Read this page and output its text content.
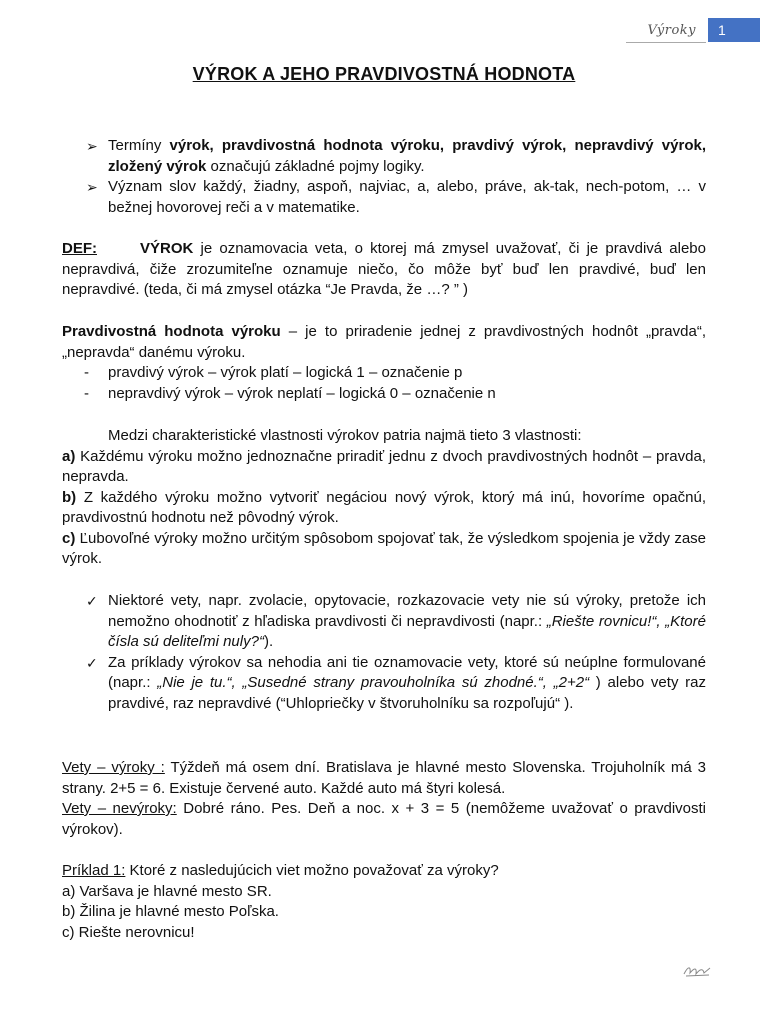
Výroky	1
VÝROK A JEHO PRAVDIVOSTNÁ HODNOTA
➢ Termíny výrok, pravdivostná hodnota výroku, pravdivý výrok, nepravdivý výrok, zložený výrok označujú základné pojmy logiky.
➢ Význam slov každý, žiadny, aspoň, najviac, a, alebo, práve, ak-tak, nech-potom, … v bežnej hovorovej reči a v matematike.
DEF:	VÝROK je oznamovacia veta, o ktorej má zmysel uvažovať, či je pravdivá alebo nepravdivá, čiže zrozumiteľne oznamuje niečo, čo môže byť buď len pravdivé, buď len nepravdivé. (teda, či má zmysel otázka “Je Pravda, že …? ” )
Pravdivostná hodnota výroku – je to priradenie jednej z pravdivostných hodnôt „pravda“, „nepravda“ danému výroku.
- pravdivý výrok – výrok platí – logická 1 – označenie p
- nepravdivý výrok – výrok neplatí – logická 0 – označenie n
Medzi charakteristické vlastnosti výrokov patria najmä tieto 3 vlastnosti:
a) Každému výroku možno jednoznačne priradiť jednu z dvoch pravdivostných hodnôt – pravda, nepravda.
b) Z každého výroku možno vytvoriť negáciou nový výrok, ktorý má inú, hovoríme opačnú, pravdivostnú hodnotu než pôvodný výrok.
c) Ľubovoľné výroky možno určitým spôsobom spojovať tak, že výsledkom spojenia je vždy zase výrok.
✓ Niektoré vety, napr. zvolacie, opytovacie, rozkazovacie vety nie sú výroky, pretože ich nemožno ohodnotiť z hľadiska pravdivosti či nepravdivosti (napr.: „Riešte rovnicu!“, „Ktoré čísla sú deliteľmi nuly?“).
✓ Za príklady výrokov sa nehodia ani tie oznamovacie vety, ktoré sú neúplne formulované (napr.: „Nie je tu.“, „Susedné strany pravouholníka sú zhodné.“, „2+2“ ) alebo vety raz pravdivé, raz nepravdivé (“Uhlopriečky v štvoruholníku sa rozpoľujú“ ).
Vety – výroky : Týždeň má osem dní. Bratislava je hlavné mesto Slovenska. Trojuholník má 3 strany. 2+5 = 6. Existuje červené auto. Každé auto má štyri kolesá.
Vety – nevýroky: Dobré ráno. Pes. Deň a noc. x + 3 = 5 (nemôžeme uvažovať o pravdivosti výrokov).
Príklad 1: Ktoré z nasledujúcich viet možno považovať za výroky?
a) Varšava je hlavné mesto SR.
b) Žilina je hlavné mesto Poľska.
c) Riešte nerovnicu!
